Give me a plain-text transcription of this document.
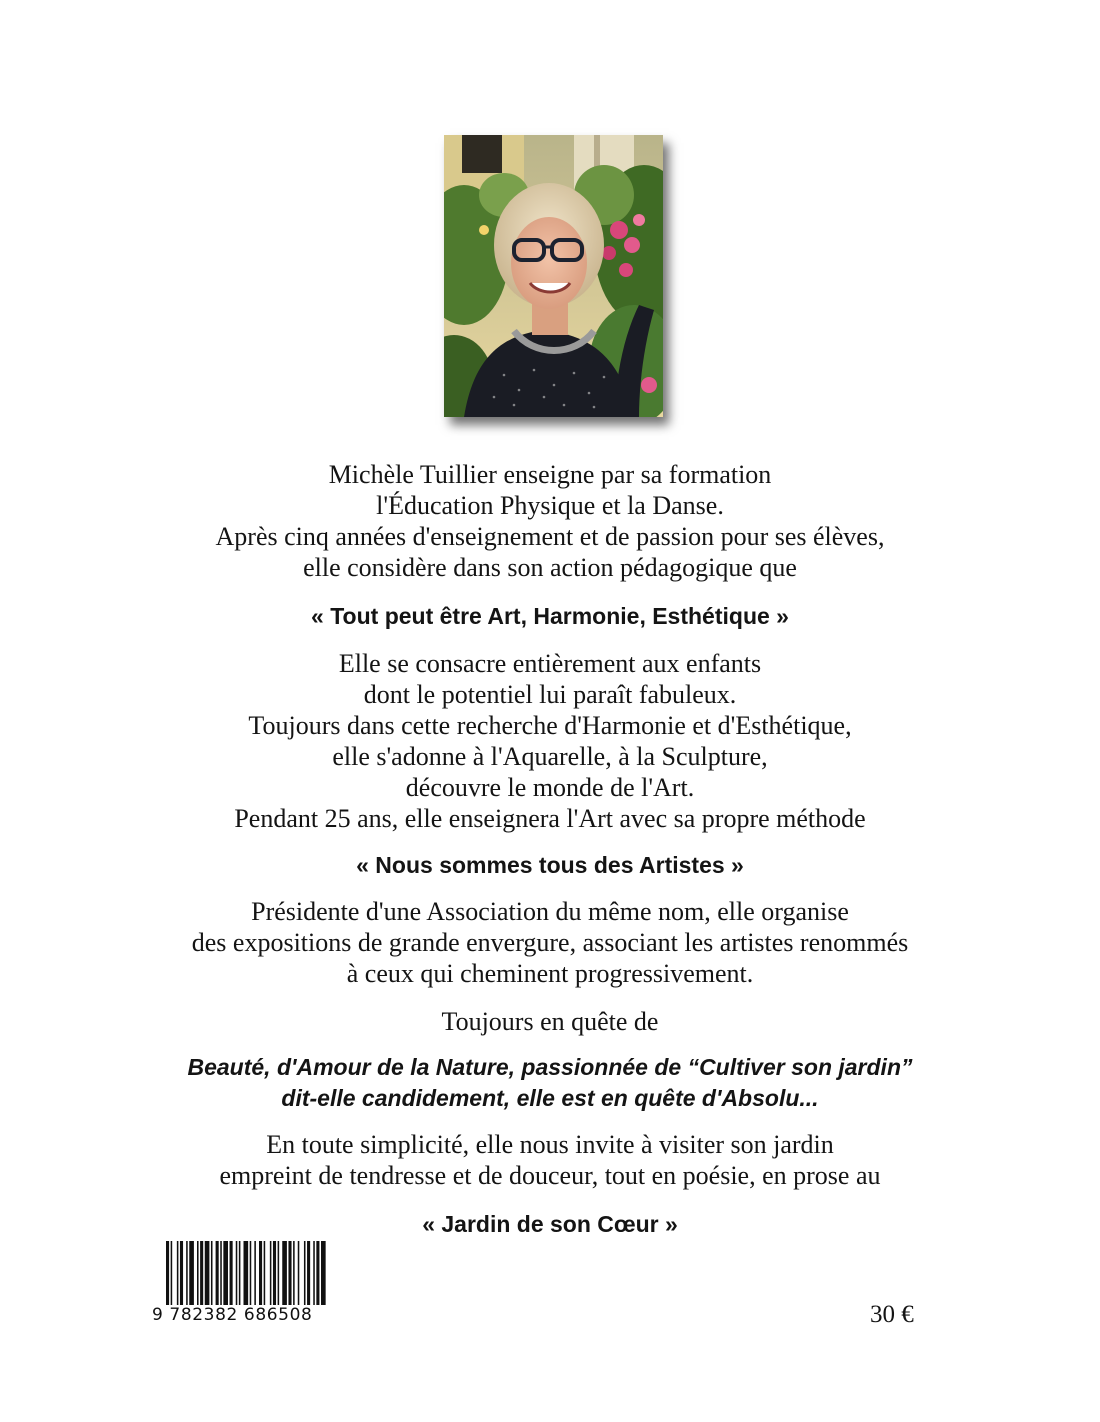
Michèle Tuillier enseigne par sa formation
l'Éducation Physique et la Danse.
Après cinq années d'enseignement et de passion pour ses élèves,
elle considère dans son action pédagogique que
« Tout peut être Art, Harmonie, Esthétique »
Elle se consacre entièrement aux enfants
dont le potentiel lui paraît fabuleux.
Toujours dans cette recherche d'Harmonie et d'Esthétique,
elle s'adonne à l'Aquarelle, à la Sculpture,
découvre le monde de l'Art.
Pendant 25 ans, elle enseignera l'Art avec sa propre méthode
« Nous sommes tous des Artistes »
Présidente d'une Association du même nom, elle organise
des expositions de grande envergure, associant les artistes renommés
à ceux qui cheminent progressivement.
Toujours en quête de
Beauté, d'Amour de la Nature, passionnée de “Cultiver son jardin”
dit-elle candidement, elle est en quête d'Absolu...
En toute simplicité, elle nous invite à visiter son jardin
empreint de tendresse et de douceur, tout en poésie, en prose au
« Jardin de son Cœur »
9 782382 686508	30 €
